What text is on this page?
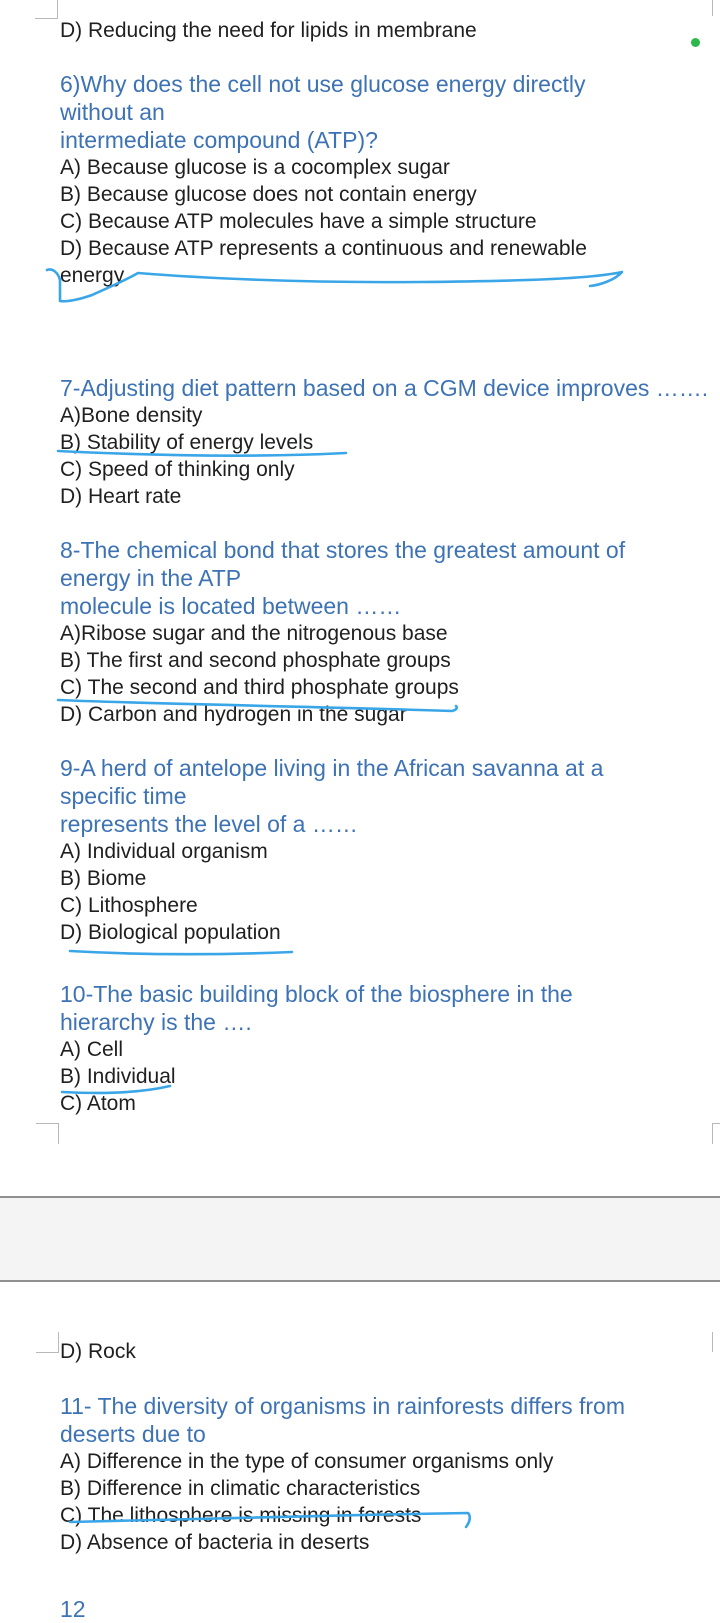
D) Reducing the need for lipids in membrane
6)Why does the cell not use glucose energy directly
without an
intermediate compound (ATP)?
A) Because glucose is a cocomplex sugar
B) Because glucose does not contain energy
C) Because ATP molecules have a simple structure
D) Because ATP represents a continuous and renewable
energy
7-Adjusting diet pattern based on a CGM device improves …….
A)Bone density
B) Stability of energy levels
C) Speed of thinking only
D) Heart rate
8-The chemical bond that stores the greatest amount of
energy in the ATP
molecule is located between ……
A)Ribose sugar and the nitrogenous base
B) The first and second phosphate groups
C) The second and third phosphate groups
D) Carbon and hydrogen in the sugar
9-A herd of antelope living in the African savanna at a
specific time
represents the level of a ……
A) Individual organism
B) Biome
C) Lithosphere
D) Biological population
10-The basic building block of the biosphere in the
hierarchy is the ….
A) Cell
B) Individual
C) Atom
D) Rock
11- The diversity of organisms in rainforests differs from
deserts due to
A) Difference in the type of consumer organisms only
B) Difference in climatic characteristics
C) The lithosphere is missing in forests
D) Absence of bacteria in deserts
12
